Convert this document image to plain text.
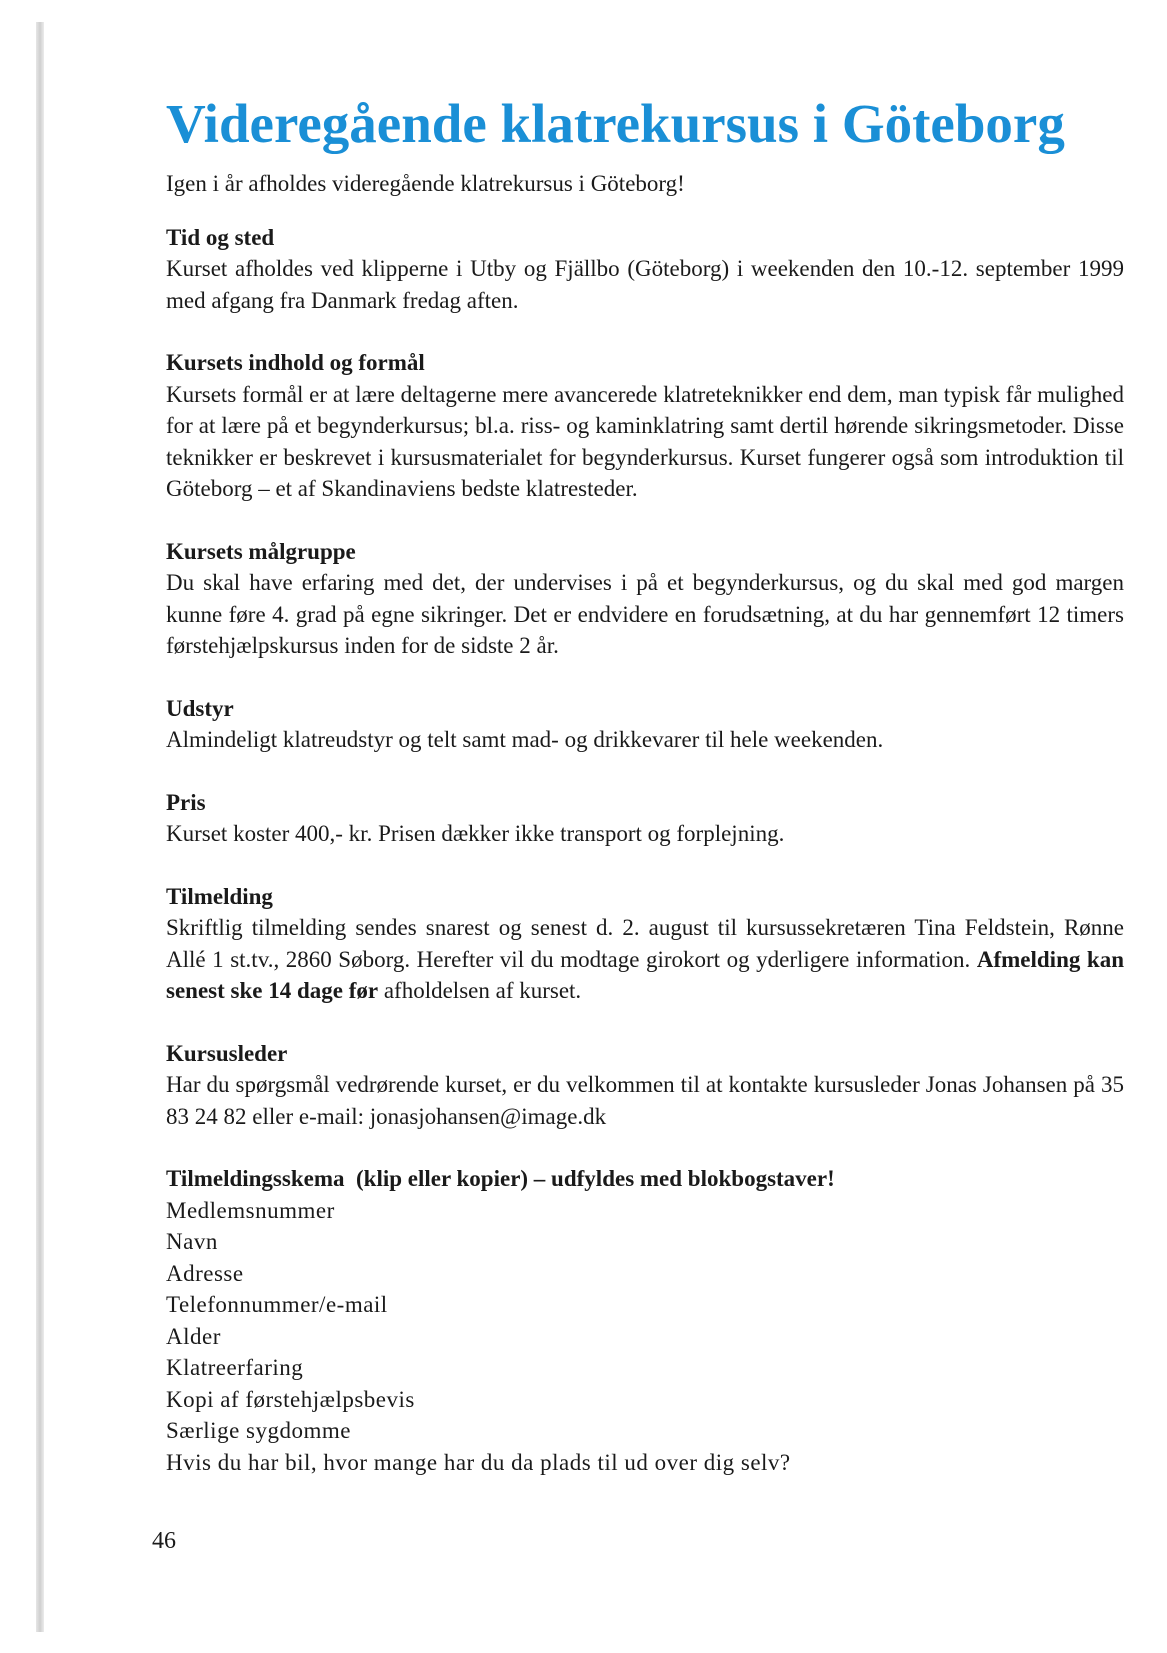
Videregående klatrekursus i Göteborg

Igen i år afholdes videregående klatrekursus i Göteborg!

Tid og sted

Kurset afholdes ved klipperne i Utby og Fjällbo (Göteborg) i weekenden den 10.-12. september 1999 med afgang fra Danmark fredag aften.

Kursets indhold og formål

Kursets formål er at lære deltagerne mere avancerede klatreteknikker end dem, man typisk får mulighed for at lære på et begynderkursus; bl.a. riss- og kaminklatring samt dertil hørende sikringsmetoder. Disse teknikker er beskrevet i kursusmaterialet for begynderkursus. Kurset fungerer også som introduktion til Göteborg – et af Skandinaviens bedste klatresteder.

Kursets målgruppe

Du skal have erfaring med det, der undervises i på et begynderkursus, og du skal med god margen kunne føre 4. grad på egne sikringer. Det er endvidere en forudsætning, at du har gennemført 12 timers førstehjælpskursus inden for de sidste 2 år.

Udstyr

Almindeligt klatreudstyr og telt samt mad- og drikkevarer til hele weekenden.

Pris

Kurset koster 400,- kr. Prisen dækker ikke transport og forplejning.

Tilmelding

Skriftlig tilmelding sendes snarest og senest d. 2. august til kursussekretæren Tina Feldstein, Rønne Allé 1 st.tv., 2860 Søborg. Herefter vil du modtage girokort og yderligere information. Afmelding kan senest ske 14 dage før afholdelsen af kurset.

Kursusleder

Har du spørgsmål vedrørende kurset, er du velkommen til at kontakte kursusleder Jonas Johansen på 35 83 24 82 eller e-mail: jonasjohansen@image.dk

Tilmeldingsskema  (klip eller kopier) – udfyldes med blokbogstaver!
Medlemsnummer
Navn
Adresse
Telefonnummer/e-mail
Alder
Klatreerfaring
Kopi af førstehjælpsbevis
Særlige sygdomme
Hvis du har bil, hvor mange har du da plads til ud over dig selv?
46
